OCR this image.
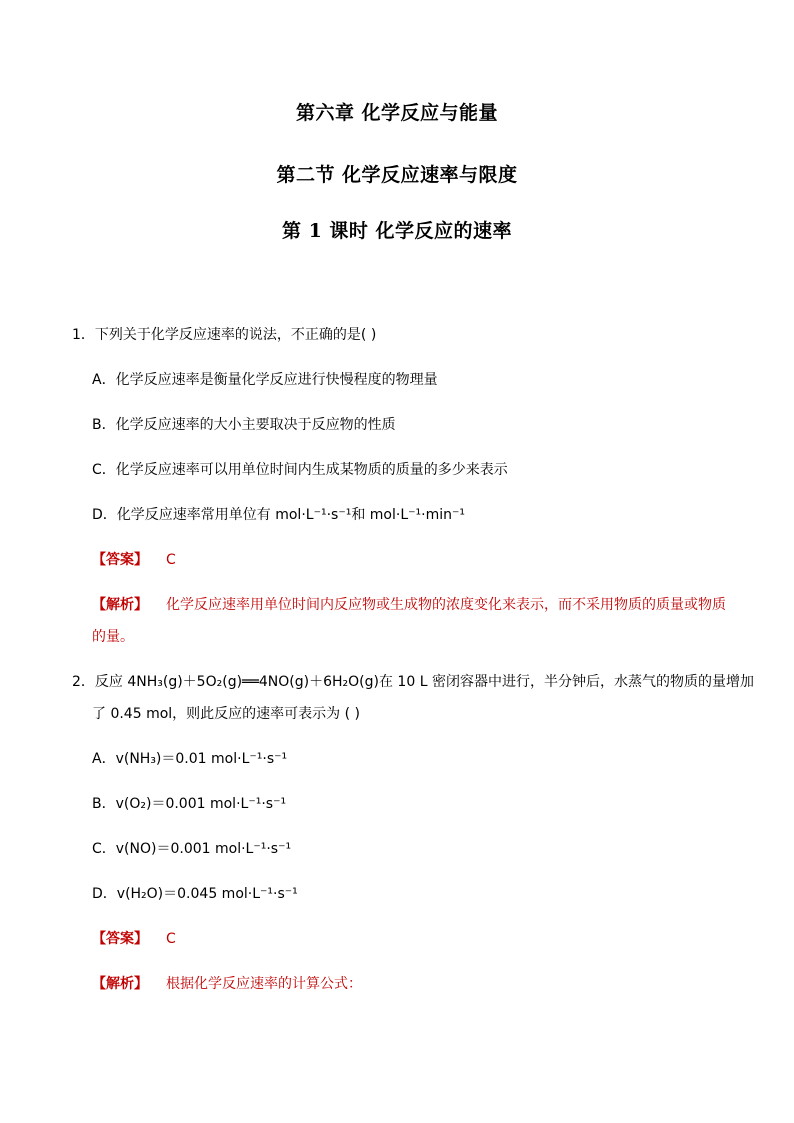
第六章 化学反应与能量
第二节 化学反应速率与限度
第 1 课时 化学反应的速率
1．下列关于化学反应速率的说法，不正确的是( )
A．化学反应速率是衡量化学反应进行快慢程度的物理量
B．化学反应速率的大小主要取决于反应物的性质
C．化学反应速率可以用单位时间内生成某物质的质量的多少来表示
D．化学反应速率常用单位有 mol·L⁻¹·s⁻¹和 mol·L⁻¹·min⁻¹
【答案】 C
【解析】 化学反应速率用单位时间内反应物或生成物的浓度变化来表示，而不采用物质的质量或物质
的量。
2．反应 4NH₃(g)＋5O₂(g)══4NO(g)＋6H₂O(g)在 10 L 密闭容器中进行，半分钟后，水蒸气的物质的量增加
了 0.45 mol，则此反应的速率可表示为 ( )
A．v(NH₃)＝0.01 mol·L⁻¹·s⁻¹
B．v(O₂)＝0.001 mol·L⁻¹·s⁻¹
C．v(NO)＝0.001 mol·L⁻¹·s⁻¹
D．v(H₂O)＝0.045 mol·L⁻¹·s⁻¹
【答案】 C
【解析】 根据化学反应速率的计算公式：
